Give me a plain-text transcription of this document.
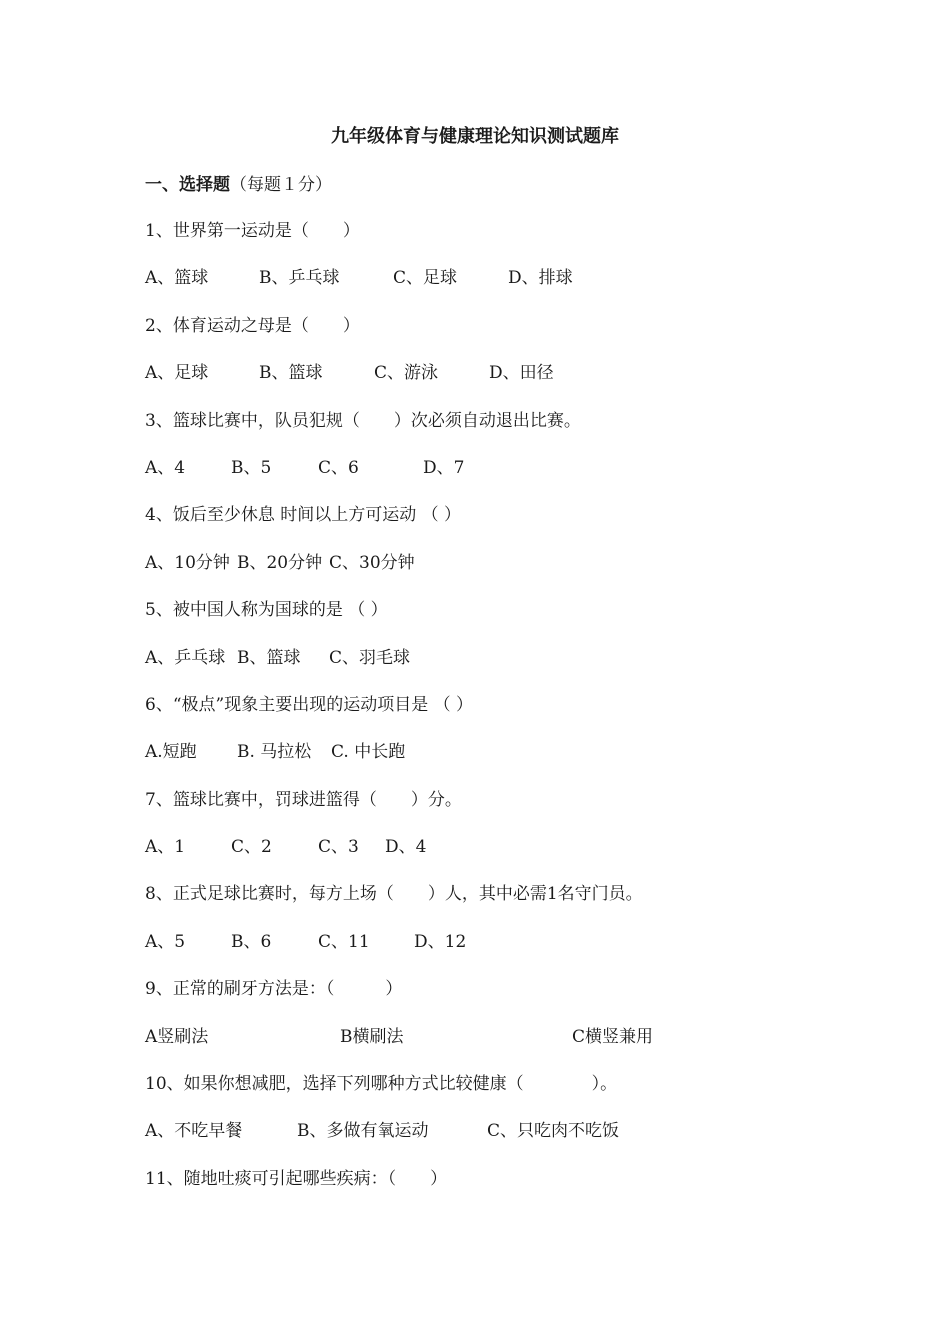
九年级体育与健康理论知识测试题库
一、选择题（每题１分）
1、世界第一运动是（　　）
A、篮球	B、乒乓球	C、足球	D、排球
2、体育运动之母是（　　）
A、足球	B、篮球	C、游泳	D、田径
3、篮球比赛中，队员犯规（　　）次必须自动退出比赛。
A、4	B、5	C、6	D、7
4、饭后至少休息 时间以上方可运动 （ ）
A、10分钟 B、20分钟 C、30分钟
5、被中国人称为国球的是 （ ）
A、乒乓球 B、篮球 C、羽毛球
6、“极点”现象主要出现的运动项目是 （ ）
A.短跑 B. 马拉松 C. 中长跑
7、篮球比赛中，罚球进篮得（　　）分。
A、1	C、2	C、3 D、4
8、正式足球比赛时，每方上场（　　）人，其中必需1名守门员。
A、5	B、6	C、11	D、12
9、正常的刷牙方法是：（　　　）
A竖刷法	B横刷法	C横竖兼用
10、如果你想减肥，选择下列哪种方式比较健康（　　　　）。
A、不吃早餐	B、多做有氧运动	C、只吃肉不吃饭
11、随地吐痰可引起哪些疾病：（　　）
